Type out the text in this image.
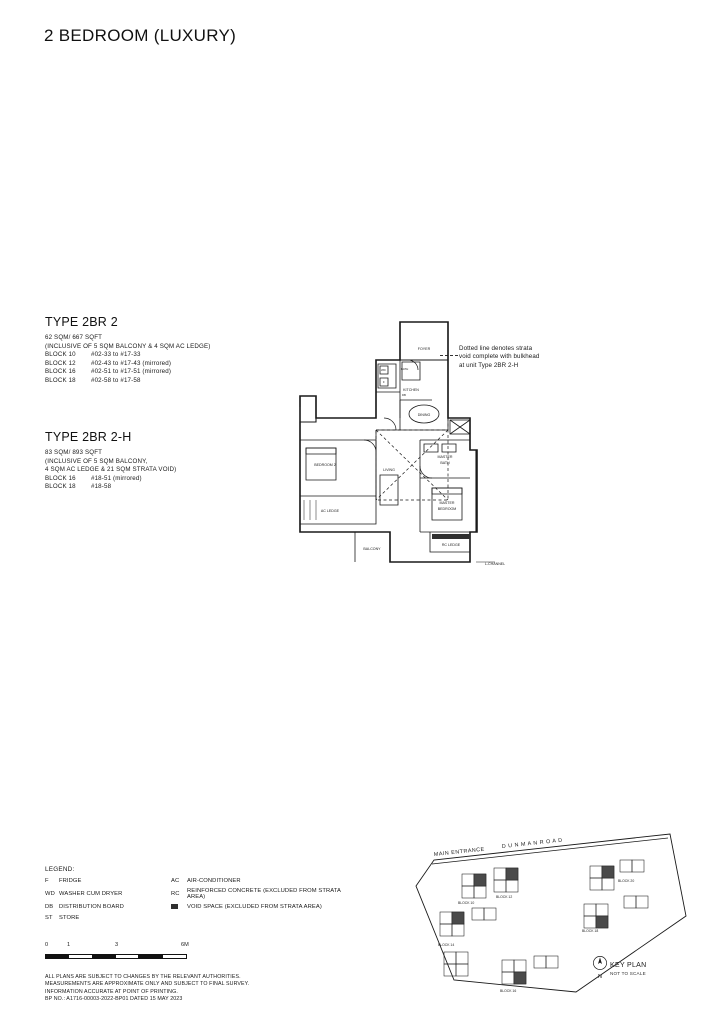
2 BEDROOM (LUXURY)
TYPE 2BR 2
62 SQM/ 667 SQFT
(INCLUSIVE OF 5 SQM BALCONY & 4 SQM AC LEDGE)
BLOCK 10	#02-33 to #17-33
BLOCK 12	#02-43 to #17-43 (mirrored)
BLOCK 16	#02-51 to #17-51 (mirrored)
BLOCK 18	#02-58 to #17-58
TYPE 2BR 2-H
83 SQM/ 893 SQFT
(INCLUSIVE OF 5 SQM BALCONY,
4 SQM AC LEDGE & 21 SQM STRATA VOID)
BLOCK 16	#18-51 (mirrored)
BLOCK 18	#18-58
Dotted line denotes strata
void complete with bulkhead
at unit Type 2BR 2-H
FOYER
KITCHEN
DINING
LIVING
MASTER
BATH
MASTER
BEDROOM
BEDROOM 2
BALCONY
AC LEDGE
RC LEDGE
L-CHANNEL
WD
F
DB
BATH
LEGEND:
F	FRIDGE	AC	AIR-CONDITIONER
WD WASHER CUM DRYER	RC	REINFORCED CONCRETE (EXCLUDED FROM STRATA AREA)
DB DISTRIBUTION BOARD	VOID SPACE (EXCLUDED FROM STRATA AREA)
ST	STORE
0	1	3	6M
ALL PLANS ARE SUBJECT TO CHANGES BY THE RELEVANT AUTHORITIES.
MEASUREMENTS ARE APPROXIMATE ONLY AND SUBJECT TO FINAL SURVEY.
INFORMATION ACCURATE AT POINT OF PRINTING.
BP NO.: A1716-00003-2022-BP01 DATED 15 MAY 2023
MAIN ENTRANCE
D U N M A N R O A D
BLOCK 10
BLOCK 12
BLOCK 14
BLOCK 16
BLOCK 18
BLOCK 20
N
KEY PLAN
NOT TO SCALE
